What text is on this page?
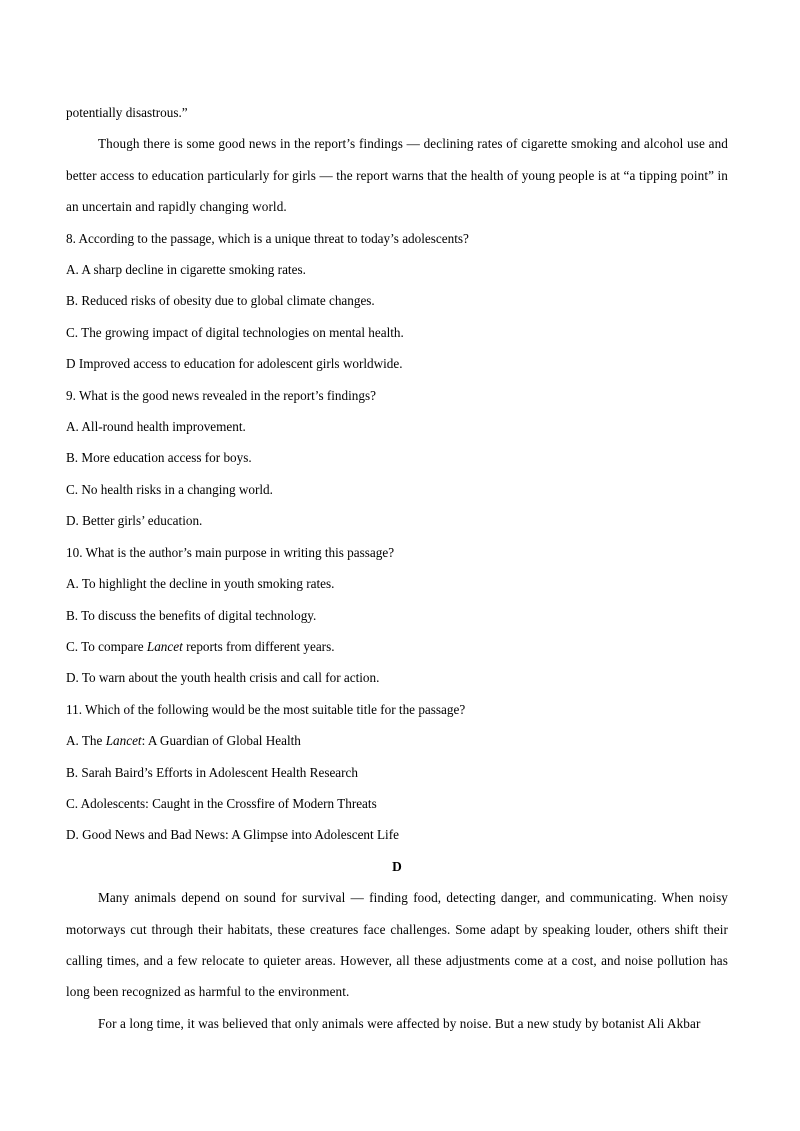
potentially disastrous.”

Though there is some good news in the report’s findings — declining rates of cigarette smoking and alcohol use and better access to education particularly for girls — the report warns that the health of young people is at “a tipping point” in an uncertain and rapidly changing world.

8. According to the passage, which is a unique threat to today’s adolescents?

A. A sharp decline in cigarette smoking rates.

B. Reduced risks of obesity due to global climate changes.

C. The growing impact of digital technologies on mental health.

D Improved access to education for adolescent girls worldwide.

9. What is the good news revealed in the report’s findings?

A. All-round health improvement.

B. More education access for boys.

C. No health risks in a changing world.

D. Better girls’ education.

10. What is the author’s main purpose in writing this passage?

A. To highlight the decline in youth smoking rates.

B. To discuss the benefits of digital technology.

C. To compare Lancet reports from different years.

D. To warn about the youth health crisis and call for action.

11. Which of the following would be the most suitable title for the passage?

A. The Lancet: A Guardian of Global Health

B. Sarah Baird’s Efforts in Adolescent Health Research

C. Adolescents: Caught in the Crossfire of Modern Threats

D. Good News and Bad News: A Glimpse into Adolescent Life

D

Many animals depend on sound for survival — finding food, detecting danger, and communicating. When noisy motorways cut through their habitats, these creatures face challenges. Some adapt by speaking louder, others shift their calling times, and a few relocate to quieter areas. However, all these adjustments come at a cost, and noise pollution has long been recognized as harmful to the environment.

For a long time, it was believed that only animals were affected by noise. But a new study by botanist Ali Akbar
